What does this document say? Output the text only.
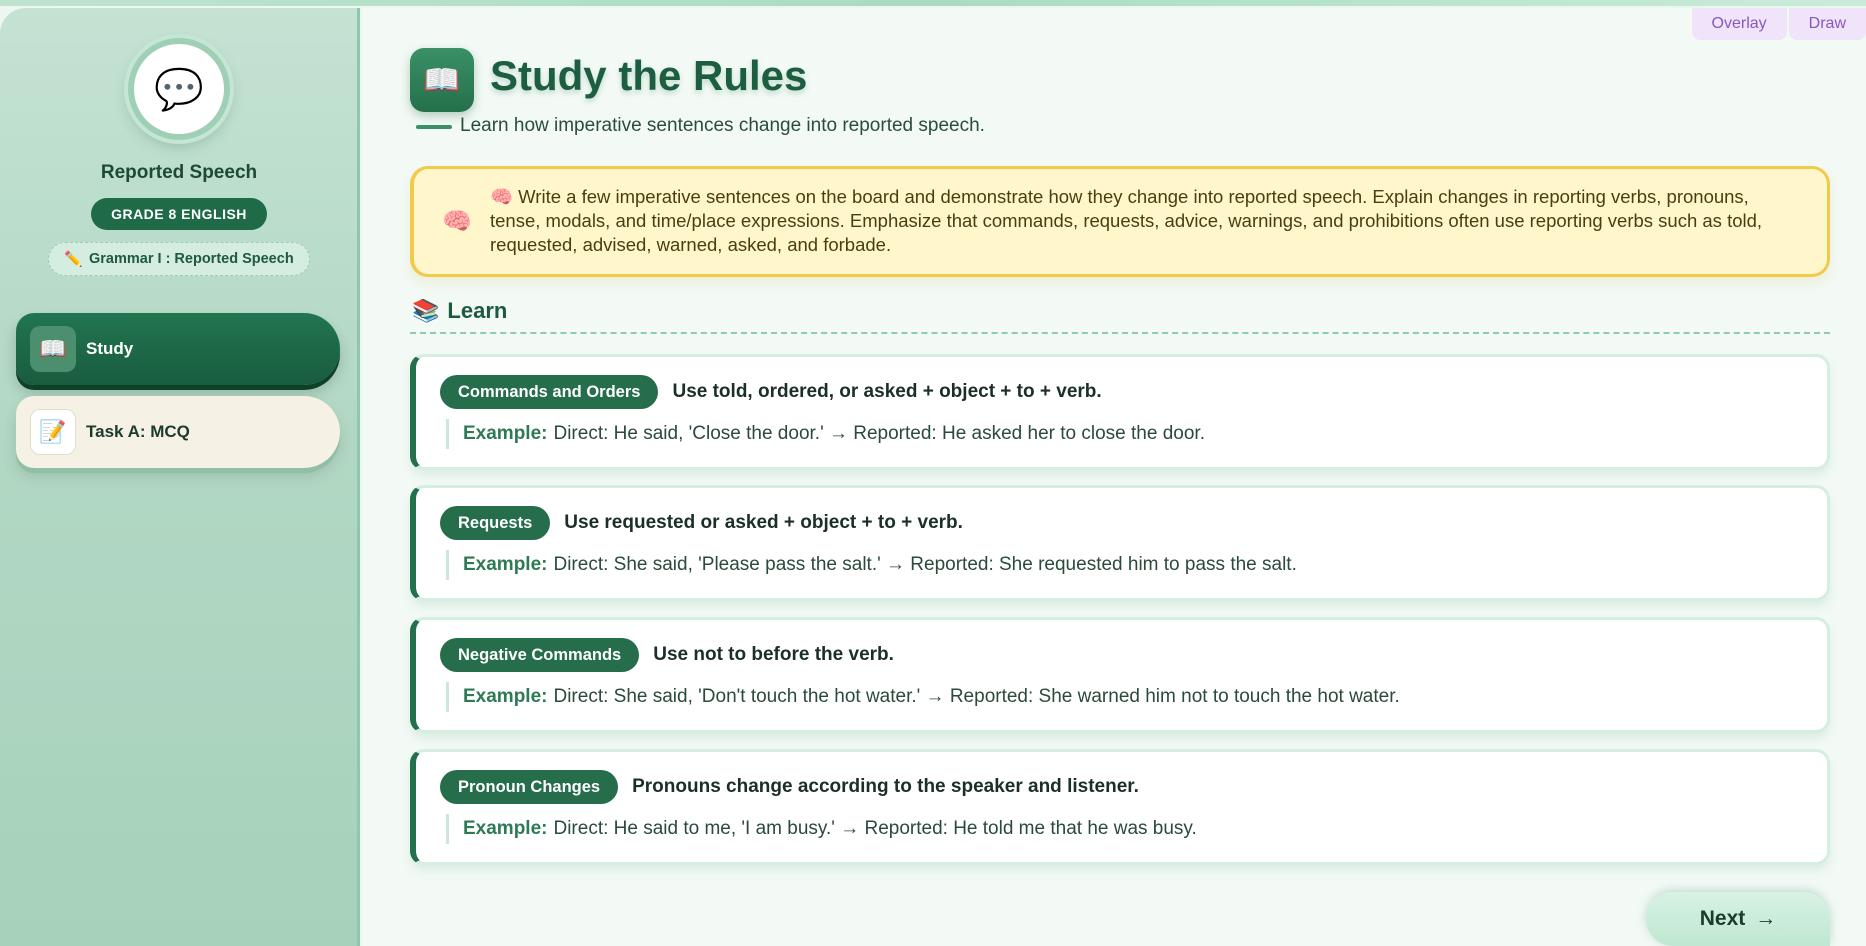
💬
Reported Speech
GRADE 8 ENGLISH
✏️ Grammar I : Reported Speech
📖	Study
📝	Task A: MCQ
Overlay	Draw
📖 Study the Rules
Learn how imperative sentences change into reported speech.
🧠
🧠 Write a few imperative sentences on the board and demonstrate how they change into reported speech. Explain changes in reporting verbs, pronouns, tense, modals, and time/place expressions. Emphasize that commands, requests, advice, warnings, and prohibitions often use reporting verbs such as told, requested, advised, warned, asked, and forbade.
📚 Learn
Commands and Orders	Use told, ordered, or asked + object + to + verb.
Example: Direct: He said, 'Close the door.' → Reported: He asked her to close the door.
Requests	Use requested or asked + object + to + verb.
Example: Direct: She said, 'Please pass the salt.' → Reported: She requested him to pass the salt.
Negative Commands	Use not to before the verb.
Example: Direct: She said, 'Don't touch the hot water.' → Reported: She warned him not to touch the hot water.
Pronoun Changes	Pronouns change according to the speaker and listener.
Example: Direct: He said to me, 'I am busy.' → Reported: He told me that he was busy.
Next →
